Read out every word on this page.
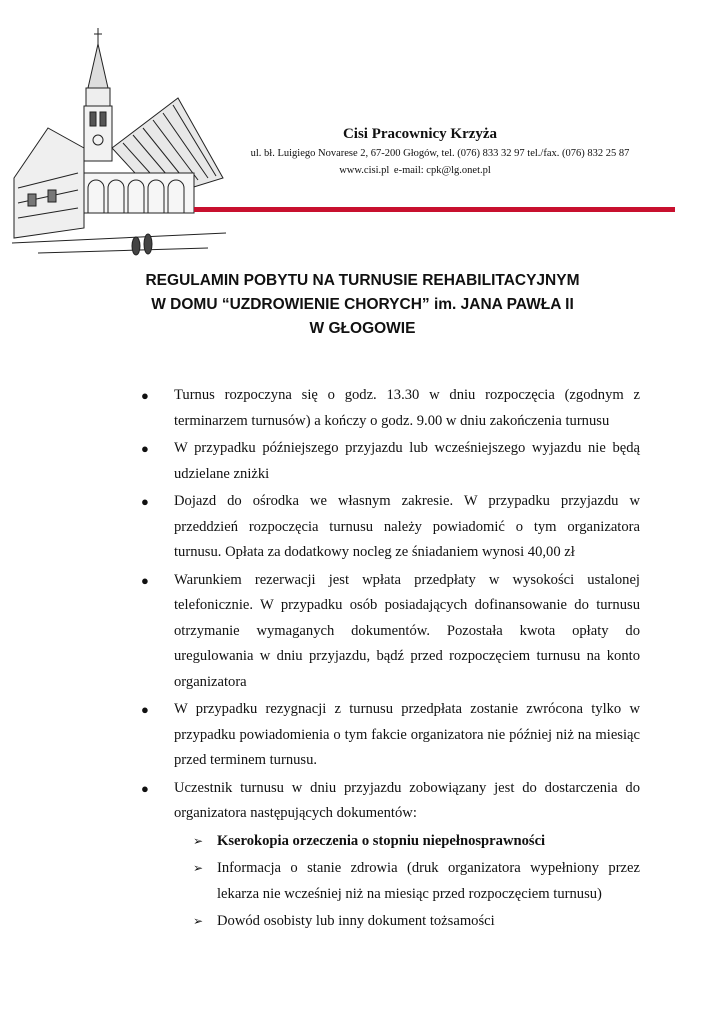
Cisi Pracownicy Krzyża
ul. bł. Luigiego Novarese 2, 67-200 Głogów, tel. (076) 833 32 97 tel./fax. (076) 832 25 87
www.cisi.pl e-mail: cpk@lg.onet.pl
REGULAMIN POBYTU NA TURNUSIE REHABILITACYJNYM
W DOMU “UZDROWIENIE CHORYCH” im. JANA PAWŁA II
W GŁOGOWIE
● Turnus rozpoczyna się o godz. 13.30 w dniu rozpoczęcia (zgodnym z terminarzem turnusów) a kończy o godz. 9.00 w dniu zakończenia turnusu
● W przypadku późniejszego przyjazdu lub wcześniejszego wyjazdu nie będą udzielane zniżki
● Dojazd do ośrodka we własnym zakresie. W przypadku przyjazdu w przeddzień rozpoczęcia turnusu należy powiadomić o tym organizatora turnusu. Opłata za dodatkowy nocleg ze śniadaniem wynosi 40,00 zł
● Warunkiem rezerwacji jest wpłata przedpłaty w wysokości ustalonej telefonicznie. W przypadku osób posiadających dofinansowanie do turnusu otrzymanie wymaganych dokumentów. Pozostała kwota opłaty do uregulowania w dniu przyjazdu, bądź przed rozpoczęciem turnusu na konto organizatora
● W przypadku rezygnacji z turnusu przedpłata zostanie zwrócona tylko w przypadku powiadomienia o tym fakcie organizatora nie później niż na miesiąc przed terminem turnusu.
● Uczestnik turnusu w dniu przyjazdu zobowiązany jest do dostarczenia do organizatora następujących dokumentów:
➢ Kserokopia orzeczenia o stopniu niepełnosprawności
➢ Informacja o stanie zdrowia (druk organizatora wypełniony przez lekarza nie wcześniej niż na miesiąc przed rozpoczęciem turnusu)
➢ Dowód osobisty lub inny dokument tożsamości
